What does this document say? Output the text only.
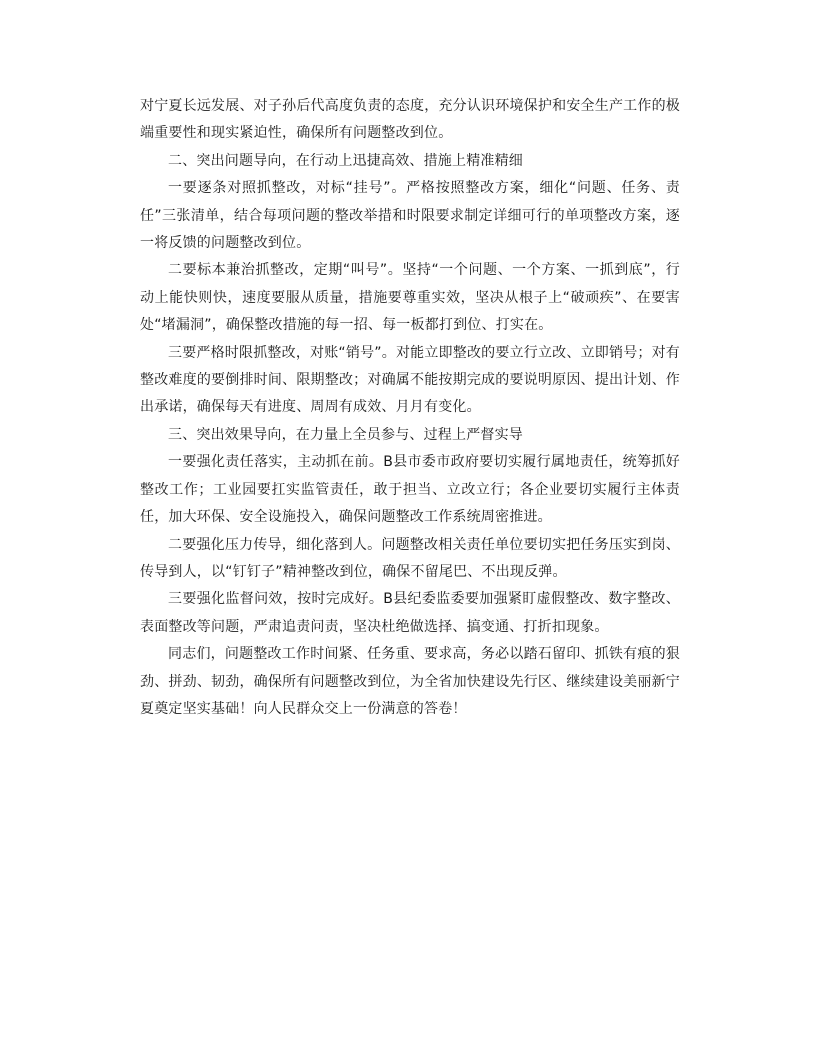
对宁夏长远发展、对子孙后代高度负责的态度，充分认识环境保护和安全生产工作的极端重要性和现实紧迫性，确保所有问题整改到位。

二、突出问题导向，在行动上迅捷高效、措施上精准精细

一要逐条对照抓整改，对标“挂号”。严格按照整改方案，细化“问题、任务、责任”三张清单，结合每项问题的整改举措和时限要求制定详细可行的单项整改方案，逐一将反馈的问题整改到位。

二要标本兼治抓整改，定期“叫号”。坚持“一个问题、一个方案、一抓到底”，行动上能快则快，速度要服从质量，措施要尊重实效，坚决从根子上“破顽疾”、在要害处“堵漏洞”，确保整改措施的每一招、每一板都打到位、打实在。

三要严格时限抓整改，对账“销号”。对能立即整改的要立行立改、立即销号；对有整改难度的要倒排时间、限期整改；对确属不能按期完成的要说明原因、提出计划、作出承诺，确保每天有进度、周周有成效、月月有变化。

三、突出效果导向，在力量上全员参与、过程上严督实导

一要强化责任落实，主动抓在前。B县市委市政府要切实履行属地责任，统筹抓好整改工作；工业园要扛实监管责任，敢于担当、立改立行；各企业要切实履行主体责任，加大环保、安全设施投入，确保问题整改工作系统周密推进。

二要强化压力传导，细化落到人。问题整改相关责任单位要切实把任务压实到岗、传导到人，以“钉钉子”精神整改到位，确保不留尾巴、不出现反弹。

三要强化监督问效，按时完成好。B县纪委监委要加强紧盯虚假整改、数字整改、表面整改等问题，严肃追责问责，坚决杜绝做选择、搞变通、打折扣现象。

同志们，问题整改工作时间紧、任务重、要求高，务必以踏石留印、抓铁有痕的狠劲、拼劲、韧劲，确保所有问题整改到位，为全省加快建设先行区、继续建设美丽新宁夏奠定坚实基础！向人民群众交上一份满意的答卷！
